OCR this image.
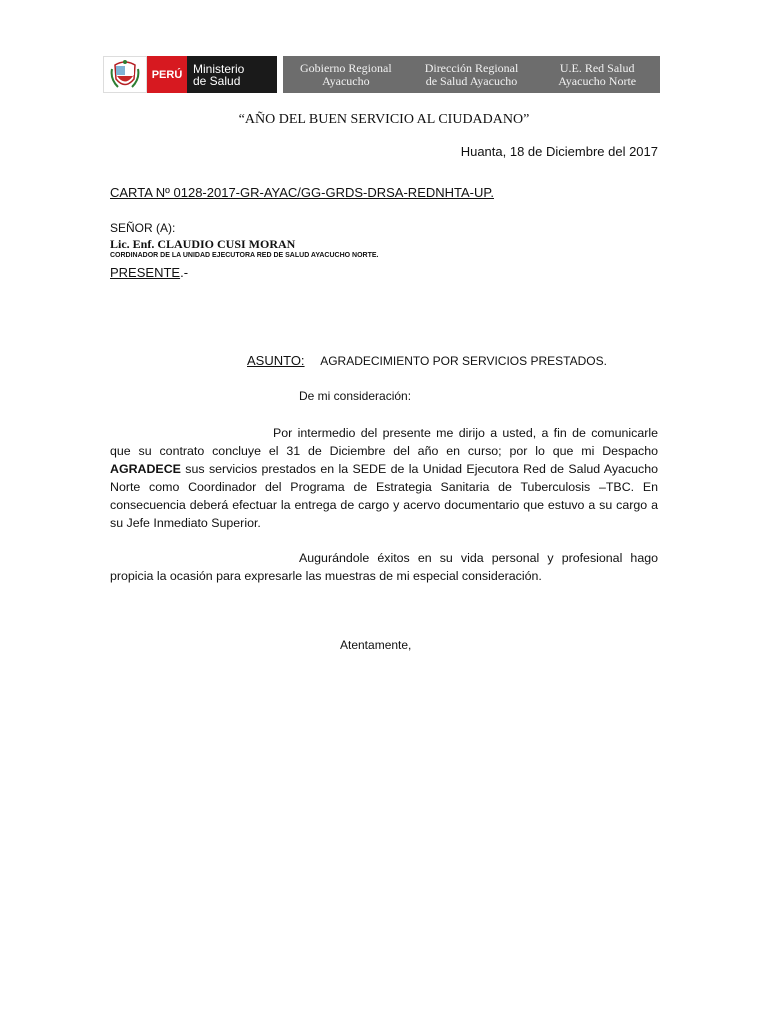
PERÚ Ministerio
de Salud
Gobierno Regional
Ayacucho
Dirección Regional
de Salud Ayacucho
U.E. Red Salud
Ayacucho Norte
“AÑO DEL BUEN SERVICIO AL CIUDADANO”
Huanta, 18 de Diciembre del 2017
CARTA Nº 0128-2017-GR-AYAC/GG-GRDS-DRSA-REDNHTA-UP.
SEÑOR (A):
Lic. Enf. CLAUDIO CUSI MORAN
CORDINADOR DE LA UNIDAD EJECUTORA RED DE SALUD AYACUCHO NORTE.
PRESENTE.-
ASUNTO: AGRADECIMIENTO POR SERVICIOS PRESTADOS.
De mi consideración:
Por intermedio del presente me dirijo a usted, a fin de comunicarle que su contrato concluye el 31 de Diciembre del año en curso; por lo que mi Despacho AGRADECE sus servicios prestados en la SEDE de la Unidad Ejecutora Red de Salud Ayacucho Norte como Coordinador del Programa de Estrategia Sanitaria de Tuberculosis –TBC. En consecuencia deberá efectuar la entrega de cargo y acervo documentario que estuvo a su cargo a su Jefe Inmediato Superior.
Augurándole éxitos en su vida personal y profesional hago propicia la ocasión para expresarle las muestras de mi especial consideración.
Atentamente,
